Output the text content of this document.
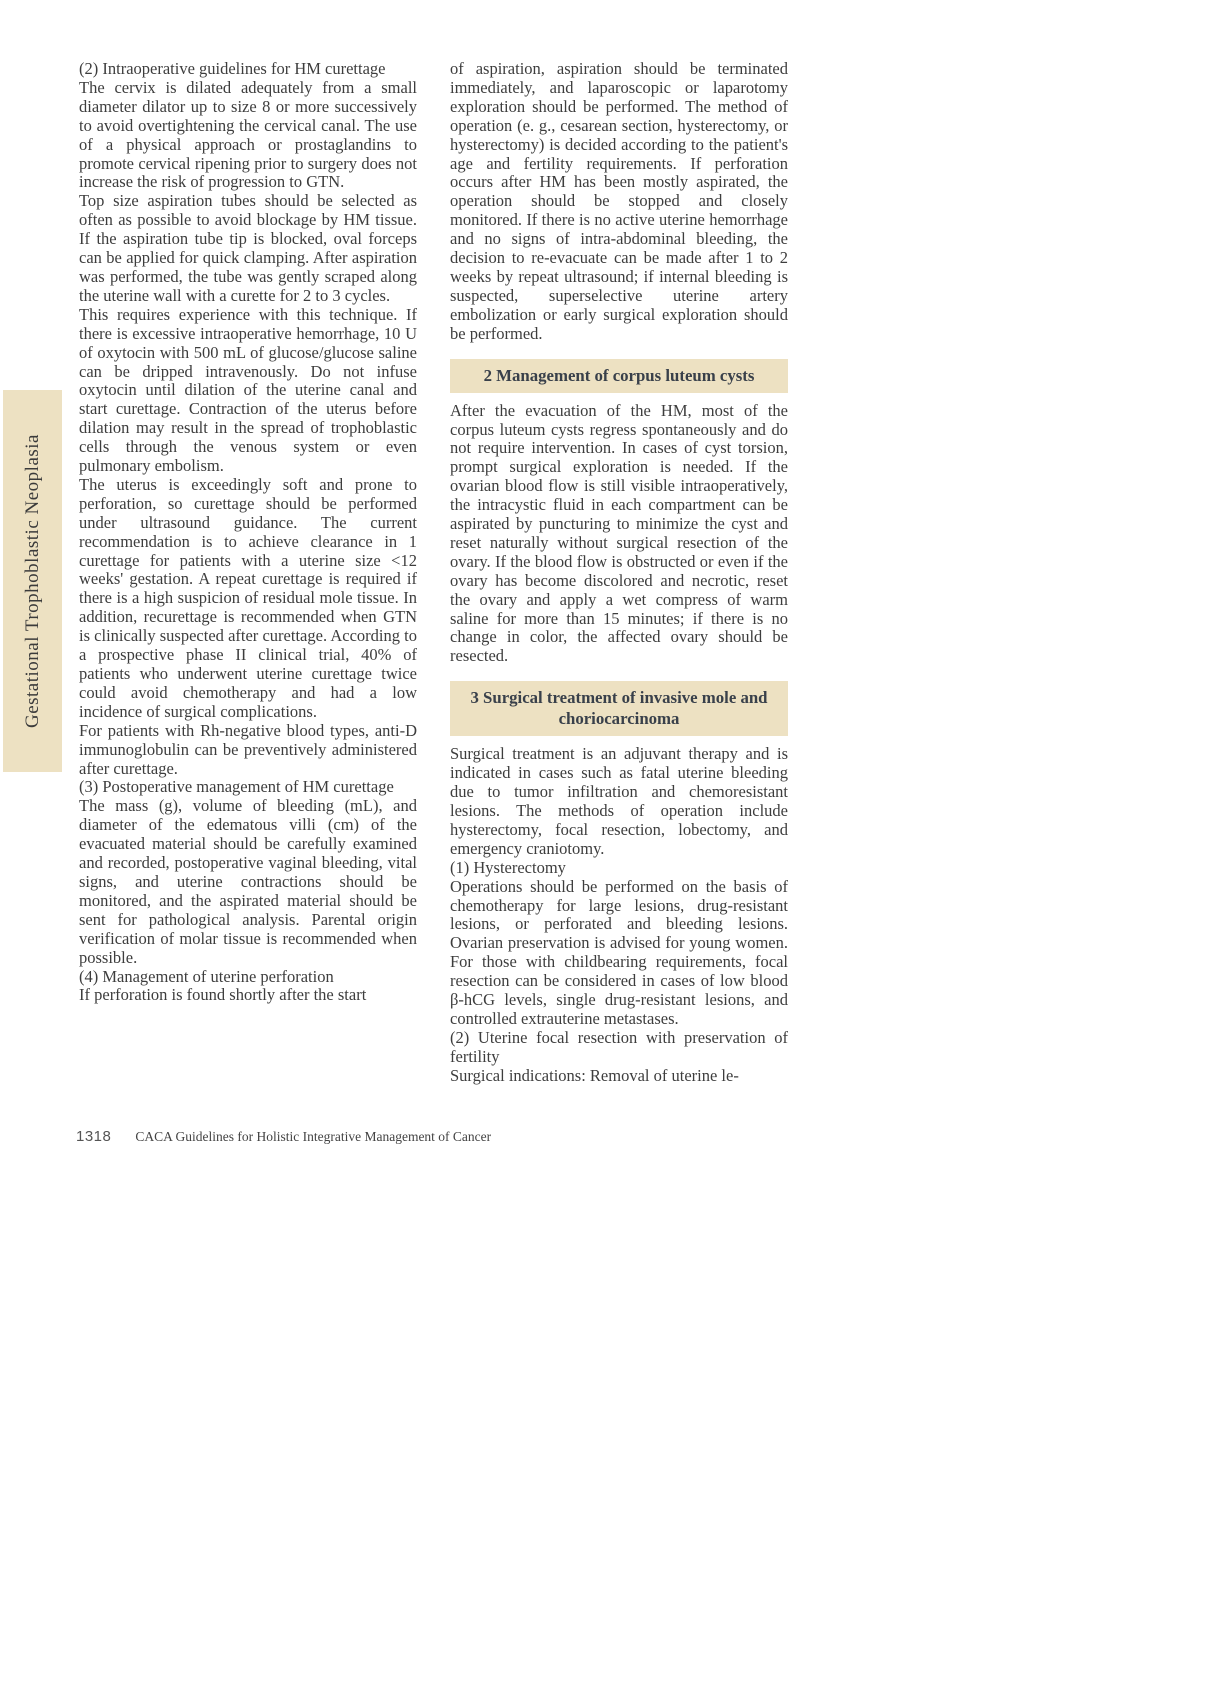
Gestational Trophoblastic Neoplasia

(2) Intraoperative guidelines for HM curettage

The cervix is dilated adequately from a small diameter dilator up to size 8 or more successively to avoid overtightening the cervical canal. The use of a physical approach or prostaglandins to promote cervical ripening prior to surgery does not increase the risk of progression to GTN.

Top size aspiration tubes should be selected as often as possible to avoid blockage by HM tissue. If the aspiration tube tip is blocked, oval forceps can be applied for quick clamping. After aspiration was performed, the tube was gently scraped along the uterine wall with a curette for 2 to 3 cycles.

This requires experience with this technique. If there is excessive intraoperative hemorrhage, 10 U of oxytocin with 500 mL of glucose/glucose saline can be dripped intravenously. Do not infuse oxytocin until dilation of the uterine canal and start curettage. Contraction of the uterus before dilation may result in the spread of trophoblastic cells through the venous system or even pulmonary embolism.

The uterus is exceedingly soft and prone to perforation, so curettage should be performed under ultrasound guidance. The current recommendation is to achieve clearance in 1 curettage for patients with a uterine size <12 weeks' gestation. A repeat curettage is required if there is a high suspicion of residual mole tissue. In addition, recurettage is recommended when GTN is clinically suspected after curettage. According to a prospective phase II clinical trial, 40% of patients who underwent uterine curettage twice could avoid chemotherapy and had a low incidence of surgical complications.

For patients with Rh-negative blood types, anti-D immunoglobulin can be preventively administered after curettage.

(3) Postoperative management of HM curettage

The mass (g), volume of bleeding (mL), and diameter of the edematous villi (cm) of the evacuated material should be carefully examined and recorded, postoperative vaginal bleeding, vital signs, and uterine contractions should be monitored, and the aspirated material should be sent for pathological analysis. Parental origin verification of molar tissue is recommended when possible.

(4) Management of uterine perforation

If perforation is found shortly after the start

of aspiration, aspiration should be terminated immediately, and laparoscopic or laparotomy exploration should be performed. The method of operation (e. g., cesarean section, hysterectomy, or hysterectomy) is decided according to the patient's age and fertility requirements. If perforation occurs after HM has been mostly aspirated, the operation should be stopped and closely monitored. If there is no active uterine hemorrhage and no signs of intra-abdominal bleeding, the decision to re-evacuate can be made after 1 to 2 weeks by repeat ultrasound; if internal bleeding is suspected, superselective uterine artery embolization or early surgical exploration should be performed.

2 Management of corpus luteum cysts

After the evacuation of the HM, most of the corpus luteum cysts regress spontaneously and do not require intervention. In cases of cyst torsion, prompt surgical exploration is needed. If the ovarian blood flow is still visible intraoperatively, the intracystic fluid in each compartment can be aspirated by puncturing to minimize the cyst and reset naturally without surgical resection of the ovary. If the blood flow is obstructed or even if the ovary has become discolored and necrotic, reset the ovary and apply a wet compress of warm saline for more than 15 minutes; if there is no change in color, the affected ovary should be resected.

3 Surgical treatment of invasive mole and choriocarcinoma

Surgical treatment is an adjuvant therapy and is indicated in cases such as fatal uterine bleeding due to tumor infiltration and chemoresistant lesions. The methods of operation include hysterectomy, focal resection, lobectomy, and emergency craniotomy.

(1) Hysterectomy

Operations should be performed on the basis of chemotherapy for large lesions, drug-resistant lesions, or perforated and bleeding lesions. Ovarian preservation is advised for young women. For those with childbearing requirements, focal resection can be considered in cases of low blood β-hCG levels, single drug-resistant lesions, and controlled extrauterine metastases.

(2) Uterine focal resection with preservation of fertility

Surgical indications: Removal of uterine le-

1318 CACA Guidelines for Holistic Integrative Management of Cancer
